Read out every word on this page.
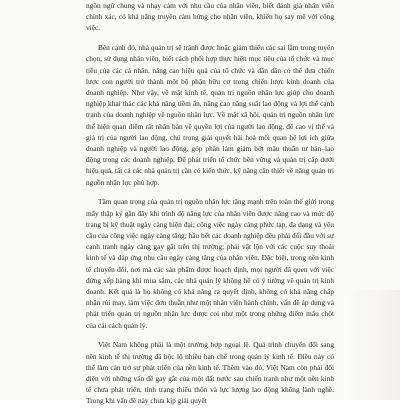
ngôn ngữ chung và nhạy cảm với nhu cầu của nhân viên, biết đánh giá nhân viên chính xác, có khả năng truyền cảm hứng cho nhân viên, khiến họ say mê với công việc.

Bên cạnh đó, nhà quản trị sẽ tránh được hoặc giảm thiểu các sai lầm trong tuyển chọn, sử dụng nhân viên, biết cách phối hợp thực hiện mục tiêu của tổ chức và mục tiêu của các cá nhân, nâng cao hiệu quả của tổ chức và dần dần có thể đưa chiến lược con người trở thành một bộ phận hữu cơ trong chiến lược kinh doanh của doanh nghiệp. Như vậy, về mặt kinh tế, quản trị nguồn nhân lực giúp cho doanh nghiệp khai thác các khả năng tiềm ẩn, nâng cao năng suất lao động và lợi thế cạnh tranh của doanh nghiệp về nguồn nhân lực. Về mặt xã hội, quản trị nguồn nhân lực thể hiện quan điểm rất nhân bản về quyền lợi của người lao động, đề cao vị thế và giá trị của người lao động, chú trọng giải quyết hài hoà mối quan hệ lợi ích giữa doanh nghiệp và người lao động, góp phần làm giảm bớt mâu thuẫn tư bản–lao động trong các doanh nghiệp. Để phát triển tổ chức bền vững và quản trị cấp dưới hiệu quả, tất cả các nhà quản trị cần có kiến thức, kỹ năng cần thiết về nâng quản trị nguồn nhân lực phù hợp.

Tầm quan trọng của quản trị nguồn nhân lực tăng mạnh trên toàn thế giới trong mấy thập kỷ gần đây khi trình độ năng lực của nhân viên được nâng cao và mức độ trang bị kỹ thuật ngày càng hiện đại; công việc ngày càng phức tạp, đa dạng và yêu cầu của công việc ngày càng tăng; hầu hết các doanh nghiệp đều phải đối đầu với sự cạnh tranh ngày càng gay gắt trên thị trường; phải vật lộn với các cuộc suy thoái kinh tế và đáp ứng nhu cầu ngày càng tăng của nhân viên. Đặc biệt, trong nền kinh tế chuyển đổi, nơi mà các sản phẩm được hoạch định, mọi người đã quen với việc đứng xếp hàng khi mua sắm, các nhà quản lý không hề có ý tưởng về quản trị kinh doanh. Kết quả là họ không có khả năng ra quyết định, không có khả năng chấp nhận rủi may, làm việc đơn thuần như một nhân viên hành chính, vấn đề áp dụng và phát triển quản trị nguồn nhân lực được coi như một trong những điểm mấu chốt của cải cách quản lý.

Việt Nam không phải là một trường hợp ngoại lệ. Quá trình chuyển đổi sang nền kinh tế thị trường đã bộc lộ nhiều hạn chế trong quản lý kinh tế. Điều này có thể làm cản trở sự phát triển của nền kinh tế. Thêm vào đó, Việt Nam còn phải đối diện với những vấn đề gay gắt của một đất nước sau chiến tranh như một nền kinh tế chưa phát triển, tình trạng thiếu thốn và lực lượng lao động không lành nghề. Trong khi vấn đề này chưa kịp giải quyết
